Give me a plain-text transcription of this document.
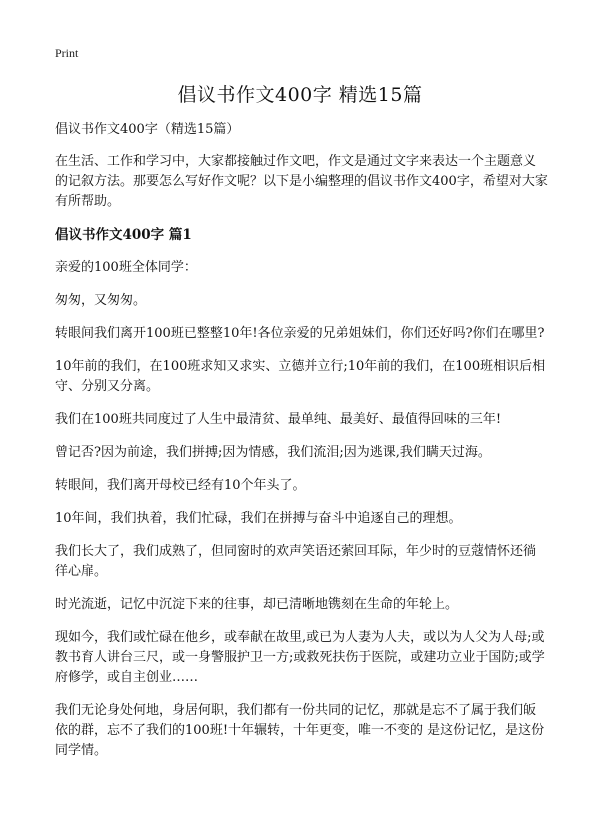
Print
倡议书作文400字 精选15篇

倡议书作文400字（精选15篇）

在生活、工作和学习中，大家都接触过作文吧，作文是通过文字来表达一个主题意义的记叙方法。那要怎么写好作文呢？以下是小编整理的倡议书作文400字，希望对大家有所帮助。

倡议书作文400字 篇1

亲爱的100班全体同学：

匆匆，又匆匆。

转眼间我们离开100班已整整10年!各位亲爱的兄弟姐妹们，你们还好吗?你们在哪里?

10年前的我们，在100班求知又求实、立德并立行;10年前的我们，在100班相识后相守、分别又分离。

我们在100班共同度过了人生中最清贫、最单纯、最美好、最值得回味的三年!

曾记否?因为前途，我们拼搏;因为情感，我们流泪;因为逃课,我们瞒天过海。

转眼间，我们离开母校已经有10个年头了。

10年间，我们执着，我们忙碌，我们在拼搏与奋斗中追逐自己的理想。

我们长大了，我们成熟了，但同窗时的欢声笑语还萦回耳际，年少时的豆蔻情怀还徜徉心扉。

时光流逝，记忆中沉淀下来的往事，却已清晰地镌刻在生命的年轮上。

现如今，我们或忙碌在他乡，或奉献在故里,或已为人妻为人夫，或以为人父为人母;或教书育人讲台三尺，或一身警服护卫一方;或救死扶伤于医院，或建功立业于国防;或学府修学，或自主创业……

我们无论身处何地，身居何职，我们都有一份共同的记忆，那就是忘不了属于我们皈依的群，忘不了我们的100班!十年辗转，十年更变，唯一不变的 是这份记忆，是这份同学情。
